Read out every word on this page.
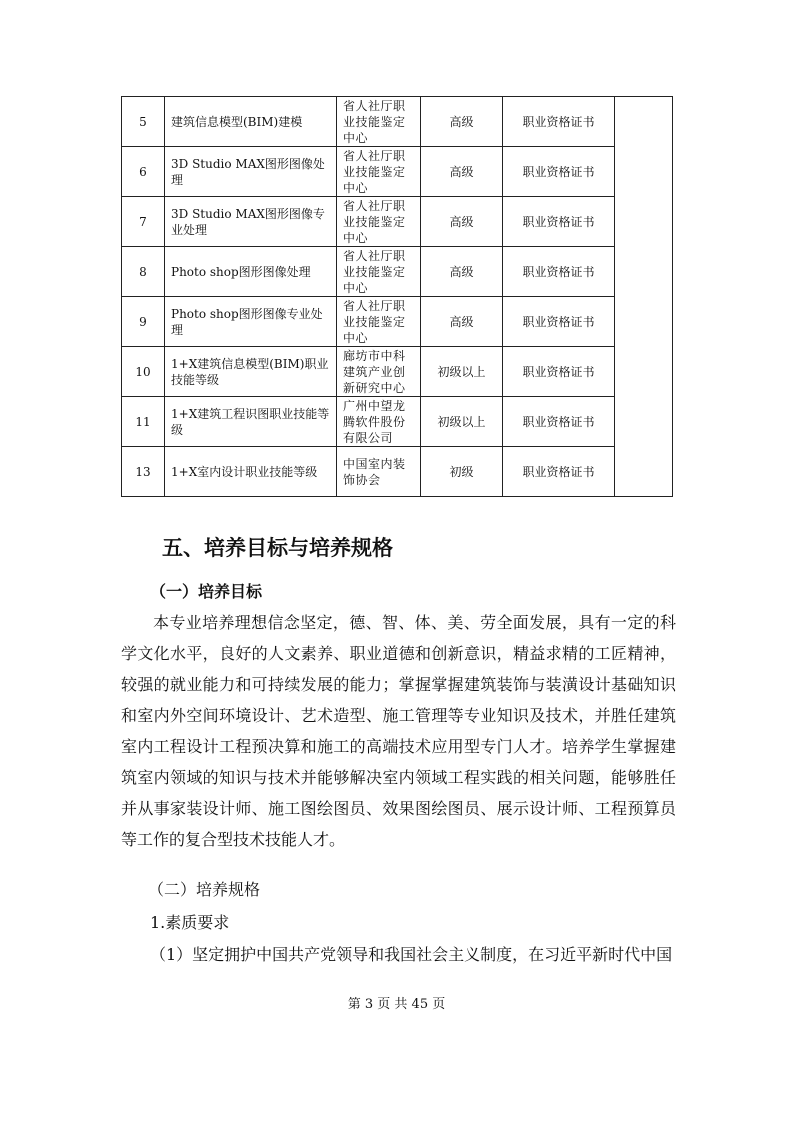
5	建筑信息模型(BIM)建模	省人社厅职业技能鉴定中心	高级	职业资格证书	
6	3D Studio MAX图形图像处理	省人社厅职业技能鉴定中心	高级	职业资格证书	
7	3D Studio MAX图形图像专业处理	省人社厅职业技能鉴定中心	高级	职业资格证书	
8	Photo shop图形图像处理	省人社厅职业技能鉴定中心	高级	职业资格证书	
9	Photo shop图形图像专业处理	省人社厅职业技能鉴定中心	高级	职业资格证书	
10	1+X建筑信息模型(BIM)职业技能等级	廊坊市中科建筑产业创新研究中心	初级以上	职业资格证书	
11	1+X建筑工程识图职业技能等级	广州中望龙腾软件股份有限公司	初级以上	职业资格证书	
13	1+X室内设计职业技能等级	中国室内装饰协会	初级	职业资格证书	
五、培养目标与培养规格
（一）培养目标

本专业培养理想信念坚定，德、智、体、美、劳全面发展，具有一定的科学文化水平，良好的人文素养、职业道德和创新意识，精益求精的工匠精神，较强的就业能力和可持续发展的能力；掌握掌握建筑装饰与装潢设计基础知识和室内外空间环境设计、艺术造型、施工管理等专业知识及技术，并胜任建筑室内工程设计工程预决算和施工的高端技术应用型专门人才。培养学生掌握建筑室内领域的知识与技术并能够解决室内领域工程实践的相关问题，能够胜任并从事家装设计师、施工图绘图员、效果图绘图员、展示设计师、工程预算员等工作的复合型技术技能人才。

（二）培养规格
1.素质要求
（1）坚定拥护中国共产党领导和我国社会主义制度，在习近平新时代中国
第 3 页 共 45 页
